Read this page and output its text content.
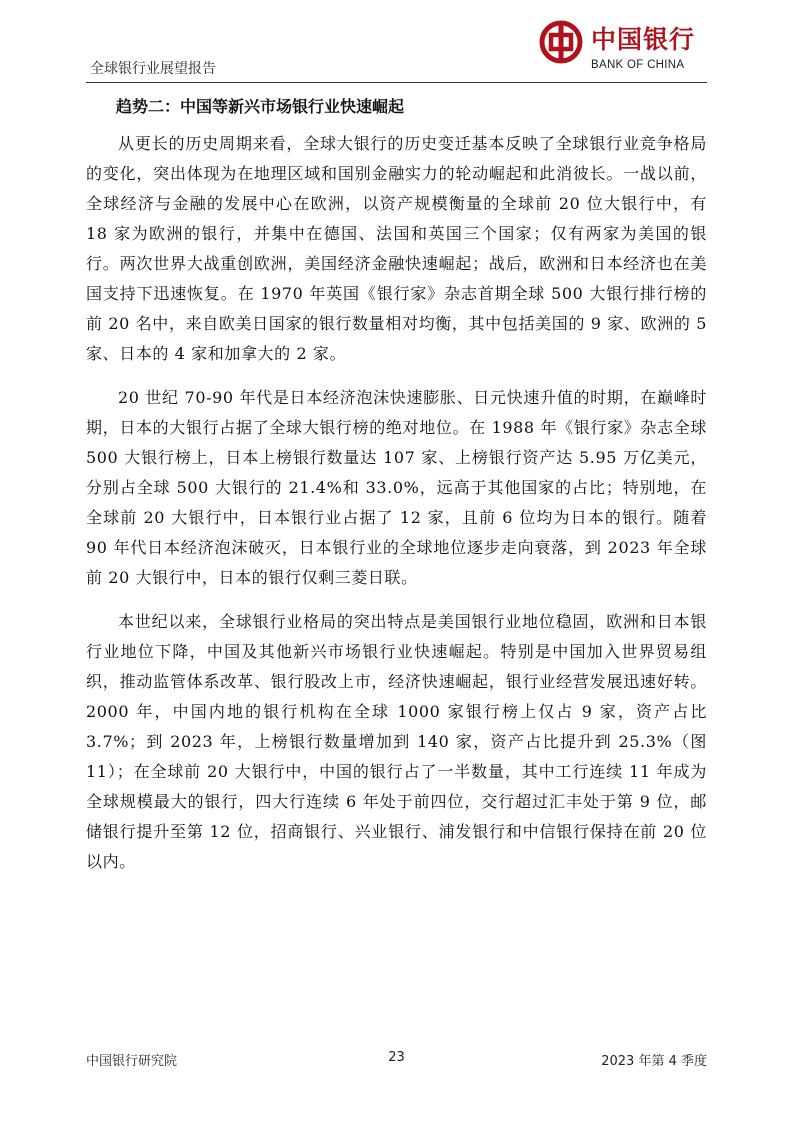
全球银行业展望报告
中国银行
BANK OF CHINA
趋势二：中国等新兴市场银行业快速崛起

从更长的历史周期来看，全球大银行的历史变迁基本反映了全球银行业竞争格局的变化，突出体现为在地理区域和国别金融实力的轮动崛起和此消彼长。一战以前，全球经济与金融的发展中心在欧洲，以资产规模衡量的全球前 20 位大银行中，有 18 家为欧洲的银行，并集中在德国、法国和英国三个国家；仅有两家为美国的银行。两次世界大战重创欧洲，美国经济金融快速崛起；战后，欧洲和日本经济也在美国支持下迅速恢复。在 1970 年英国《银行家》杂志首期全球 500 大银行排行榜的前 20 名中，来自欧美日国家的银行数量相对均衡，其中包括美国的 9 家、欧洲的 5 家、日本的 4 家和加拿大的 2 家。

20 世纪 70-90 年代是日本经济泡沫快速膨胀、日元快速升值的时期，在巅峰时期，日本的大银行占据了全球大银行榜的绝对地位。在 1988 年《银行家》杂志全球 500 大银行榜上，日本上榜银行数量达 107 家、上榜银行资产达 5.95 万亿美元，分别占全球 500 大银行的 21.4%和 33.0%，远高于其他国家的占比；特别地，在全球前 20 大银行中，日本银行业占据了 12 家，且前 6 位均为日本的银行。随着 90 年代日本经济泡沫破灭，日本银行业的全球地位逐步走向衰落，到 2023 年全球前 20 大银行中，日本的银行仅剩三菱日联。

本世纪以来，全球银行业格局的突出特点是美国银行业地位稳固，欧洲和日本银行业地位下降，中国及其他新兴市场银行业快速崛起。特别是中国加入世界贸易组织，推动监管体系改革、银行股改上市，经济快速崛起，银行业经营发展迅速好转。2000 年，中国内地的银行机构在全球 1000 家银行榜上仅占 9 家，资产占比 3.7%；到 2023 年，上榜银行数量增加到 140 家，资产占比提升到 25.3%（图 11）；在全球前 20 大银行中，中国的银行占了一半数量，其中工行连续 11 年成为全球规模最大的银行，四大行连续 6 年处于前四位，交行超过汇丰处于第 9 位，邮储银行提升至第 12 位，招商银行、兴业银行、浦发银行和中信银行保持在前 20 位以内。

中国银行研究院	23	2023 年第 4 季度
